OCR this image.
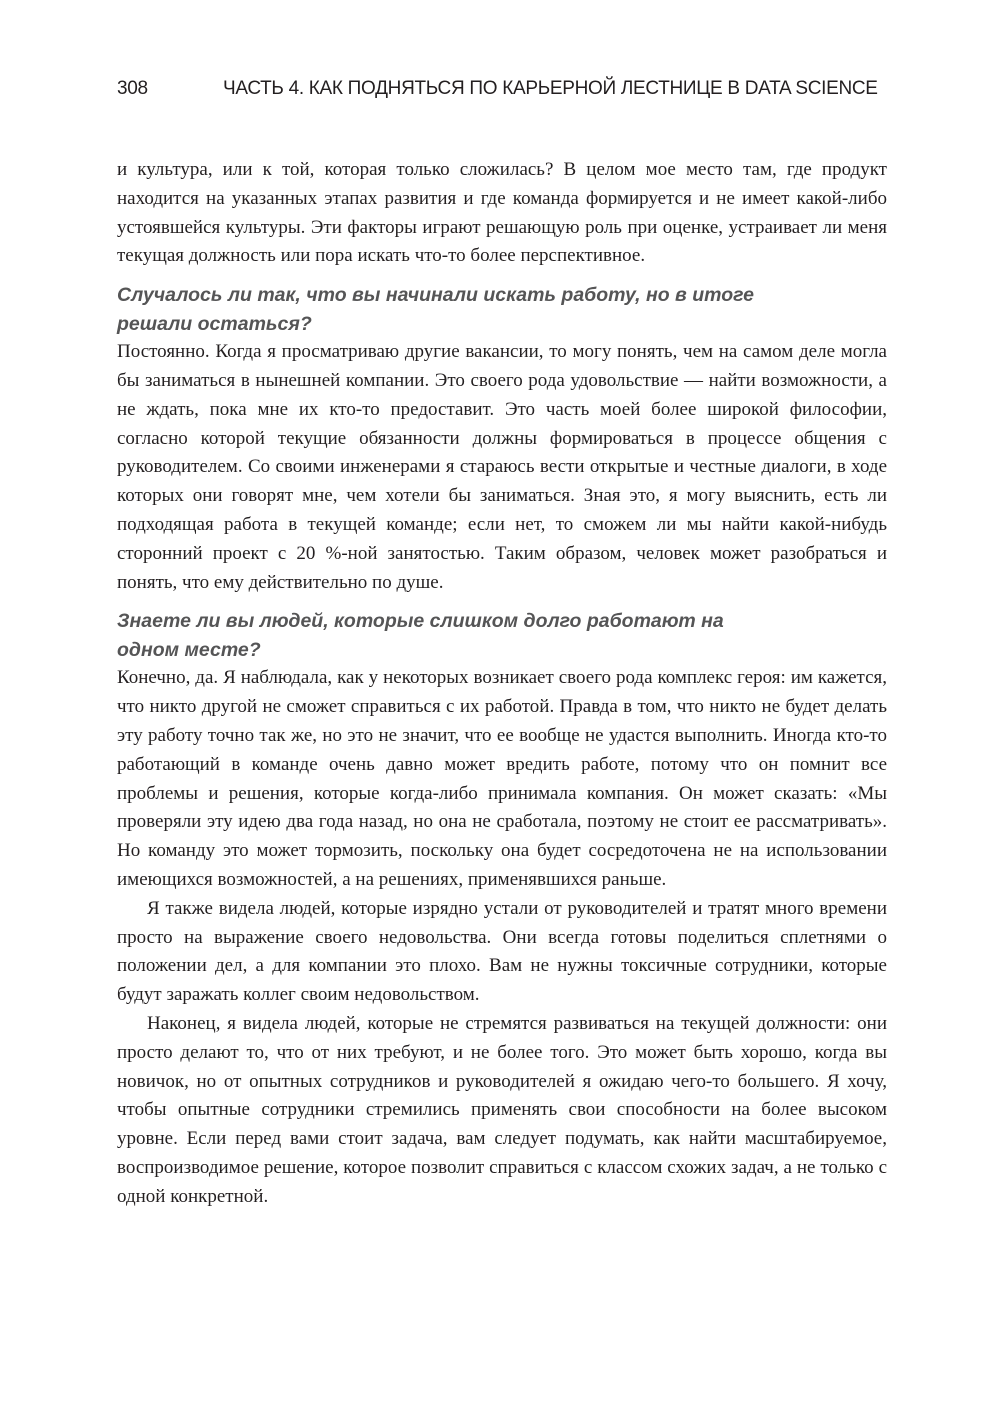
308	ЧАСТЬ 4. КАК ПОДНЯТЬСЯ ПО КАРЬЕРНОЙ ЛЕСТНИЦЕ В DATA SCIENCE

и культура, или к той, которая только сложилась? В целом мое место там, где продукт находится на указанных этапах развития и где команда формируется и не имеет какой-либо устоявшейся культуры. Эти факторы играют решающую роль при оценке, устраивает ли меня текущая должность или пора искать что-то более перспективное.

Случалось ли так, что вы начинали искать работу, но в итоге решали остаться?

Постоянно. Когда я просматриваю другие вакансии, то могу понять, чем на самом деле могла бы заниматься в нынешней компании. Это своего рода удовольствие — найти возможности, а не ждать, пока мне их кто-то предоставит. Это часть моей более широкой философии, согласно которой текущие обязанности должны формироваться в процессе общения с руководителем. Со своими инженерами я стараюсь вести открытые и честные диалоги, в ходе которых они говорят мне, чем хотели бы заниматься. Зная это, я могу выяснить, есть ли подходящая работа в текущей команде; если нет, то сможем ли мы найти какой-нибудь сторонний проект с 20 %-ной занятостью. Таким образом, человек может разобраться и понять, что ему действительно по душе.

Знаете ли вы людей, которые слишком долго работают на одном месте?

Конечно, да. Я наблюдала, как у некоторых возникает своего рода комплекс героя: им кажется, что никто другой не сможет справиться с их работой. Правда в том, что никто не будет делать эту работу точно так же, но это не значит, что ее вообще не удастся выполнить. Иногда кто-то работающий в команде очень давно может вредить работе, потому что он помнит все проблемы и решения, которые когда-либо принимала компания. Он может сказать: «Мы проверяли эту идею два года назад, но она не сработала, поэтому не стоит ее рассматривать». Но команду это может тормозить, поскольку она будет сосредоточена не на использовании имеющихся возможностей, а на решениях, применявшихся раньше.

Я также видела людей, которые изрядно устали от руководителей и тратят много времени просто на выражение своего недовольства. Они всегда готовы поделиться сплетнями о положении дел, а для компании это плохо. Вам не нужны токсичные сотрудники, которые будут заражать коллег своим недовольством.

Наконец, я видела людей, которые не стремятся развиваться на текущей должности: они просто делают то, что от них требуют, и не более того. Это может быть хорошо, когда вы новичок, но от опытных сотрудников и руководителей я ожидаю чего-то большего. Я хочу, чтобы опытные сотрудники стремились применять свои способности на более высоком уровне. Если перед вами стоит задача, вам следует подумать, как найти масштабируемое, воспроизводимое решение, которое позволит справиться с классом схожих задач, а не только с одной конкретной.
